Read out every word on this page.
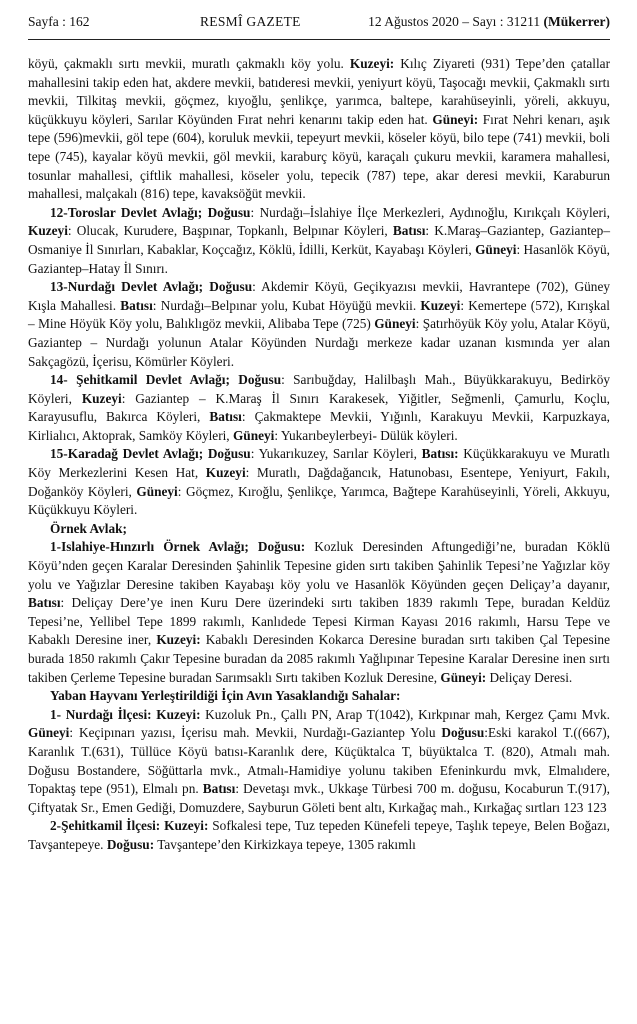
Sayfa : 162	RESMÎ GAZETE	12 Ağustos 2020 – Sayı : 31211 (Mükerrer)

köyü, çakmaklı sırtı mevkii, muratlı çakmaklı köy yolu. Kuzeyi: Kılıç Ziyareti (931) Tepe’den çatallar mahallesini takip eden hat, akdere mevkii, batıderesi mevkii, yeniyurt köyü, Taşocağı mevkii, Çakmaklı sırtı mevkii, Tilkitaş mevkii, göçmez, kıyoğlu, şenlikçe, yarımca, baltepe, karahüseyinli, yöreli, akkuyu, küçükkuyu köyleri, Sarılar Köyünden Fırat nehri kenarını takip eden hat. Güneyi: Fırat Nehri kenarı, aşık tepe (596)mevkii, göl tepe (604), koruluk mevkii, tepeyurt mevkii, köseler köyü, bilo tepe (741) mevkii, boli tepe (745), kayalar köyü mevkii, göl mevkii, karaburç köyü, karaçalı çukuru mevkii, karamera mahallesi, tosunlar mahallesi, çiftlik mahallesi, köseler yolu, tepecik (787) tepe, akar deresi mevkii, Karaburun mahallesi, malçakalı (816) tepe, kavaksöğüt mevkii.

12-Toroslar Devlet Avlağı; Doğusu: Nurdağı–İslahiye İlçe Merkezleri, Aydınoğlu, Kırıkçalı Köyleri, Kuzeyi: Olucak, Kurudere, Başpınar, Topkanlı, Belpınar Köyleri, Batısı: K.Maraş–Gaziantep, Gaziantep–Osmaniye İl Sınırları, Kabaklar, Koçcağız, Köklü, İdilli, Kerküt, Kayabaşı Köyleri, Güneyi: Hasanlök Köyü, Gaziantep–Hatay İl Sınırı.

13-Nurdağı Devlet Avlağı; Doğusu: Akdemir Köyü, Geçikyazısı mevkii, Havrantepe (702), Güney Kışla Mahallesi. Batısı: Nurdağı–Belpınar yolu, Kubat Höyüğü mevkii. Kuzeyi: Kemertepe (572), Kırışkal – Mine Höyük Köy yolu, Balıklıgöz mevkii, Alibaba Tepe (725) Güneyi: Şatırhöyük Köy yolu, Atalar Köyü, Gaziantep – Nurdağı yolunun Atalar Köyünden Nurdağı merkeze kadar uzanan kısmında yer alan Sakçagözü, İçerisu, Kömürler Köyleri.

14- Şehitkamil Devlet Avlağı; Doğusu: Sarıbuğday, Halilbaşlı Mah., Büyükkarakuyu, Bedirköy Köyleri, Kuzeyi: Gaziantep – K.Maraş İl Sınırı Karakesek, Yiğitler, Seğmenli, Çamurlu, Koçlu, Karayusuflu, Bakırca Köyleri, Batısı: Çakmaktepe Mevkii, Yığınlı, Karakuyu Mevkii, Karpuzkaya, Kirlialıcı, Aktoprak, Samköy Köyleri, Güneyi: Yukarıbeylerbeyi- Dülük köyleri.

15-Karadağ Devlet Avlağı; Doğusu: Yukarıkuzey, Sarılar Köyleri, Batısı: Küçükkarakuyu ve Muratlı Köy Merkezlerini Kesen Hat, Kuzeyi: Muratlı, Dağdağancık, Hatunobası, Esentepe, Yeniyurt, Fakılı, Doğanköy Köyleri, Güneyi: Göçmez, Kıroğlu, Şenlikçe, Yarımca, Bağtepe Karahüseyinli, Yöreli, Akkuyu, Küçükkuyu Köyleri.

Örnek Avlak;

1-Islahiye-Hınzırlı Örnek Avlağı; Doğusu: Kozluk Deresinden Aftungediği’ne, buradan Köklü Köyü’nden geçen Karalar Deresinden Şahinlik Tepesine giden sırtı takiben Şahinlik Tepesi’ne Yağızlar köy yolu ve Yağızlar Deresine takiben Kayabaşı köy yolu ve Hasanlök Köyünden geçen Deliçay’a dayanır, Batısı: Deliçay Dere’ye inen Kuru Dere üzerindeki sırtı takiben 1839 rakımlı Tepe, buradan Keldüz Tepesi’ne, Yellibel Tepe 1899 rakımlı, Kanlıdede Tepesi Kirman Kayası 2016 rakımlı, Harsu Tepe ve Kabaklı Deresine iner, Kuzeyi: Kabaklı Deresinden Kokarca Deresine buradan sırtı takiben Çal Tepesine burada 1850 rakımlı Çakır Tepesine buradan da 2085 rakımlı Yağlıpınar Tepesine Karalar Deresine inen sırtı takiben Çerleme Tepesine buradan Sarımsaklı Sırtı takiben Kozluk Deresine, Güneyi: Deliçay Deresi.

Yaban Hayvanı Yerleştirildiği İçin Avın Yasaklandığı Sahalar:

1- Nurdağı İlçesi: Kuzeyi: Kuzoluk Pn., Çallı PN, Arap T(1042), Kırkpınar mah, Kergez Çamı Mvk. Güneyi: Keçipınarı yazısı, İçerisu mah. Mevkii, Nurdağı-Gaziantep Yolu Doğusu:Eski karakol T.((667), Karanlık T.(631), Tüllüce Köyü batısı-Karanlık dere, Küçüktalca T, büyüktalca T. (820), Atmalı mah. Doğusu Bostandere, Söğüttarla mvk., Atmalı-Hamidiye yolunu takiben Efeninkurdu mvk, Elmalıdere, Topaktaş tepe (951), Elmalı pn. Batısı: Devetaşı mvk., Ukkaşe Türbesi 700 m. doğusu, Kocaburun T.(917), Çiftyatak Sr., Emen Gediği, Domuzdere, Sayburun Göleti bent altı, Kırkağaç mah., Kırkağaç sırtları 123 123

2-Şehitkamil İlçesi: Kuzeyi: Sofkalesi tepe, Tuz tepeden Künefeli tepeye, Taşlık tepeye, Belen Boğazı, Tavşantepeye. Doğusu: Tavşantepe’den Kirkizkaya tepeye, 1305 rakımlı
